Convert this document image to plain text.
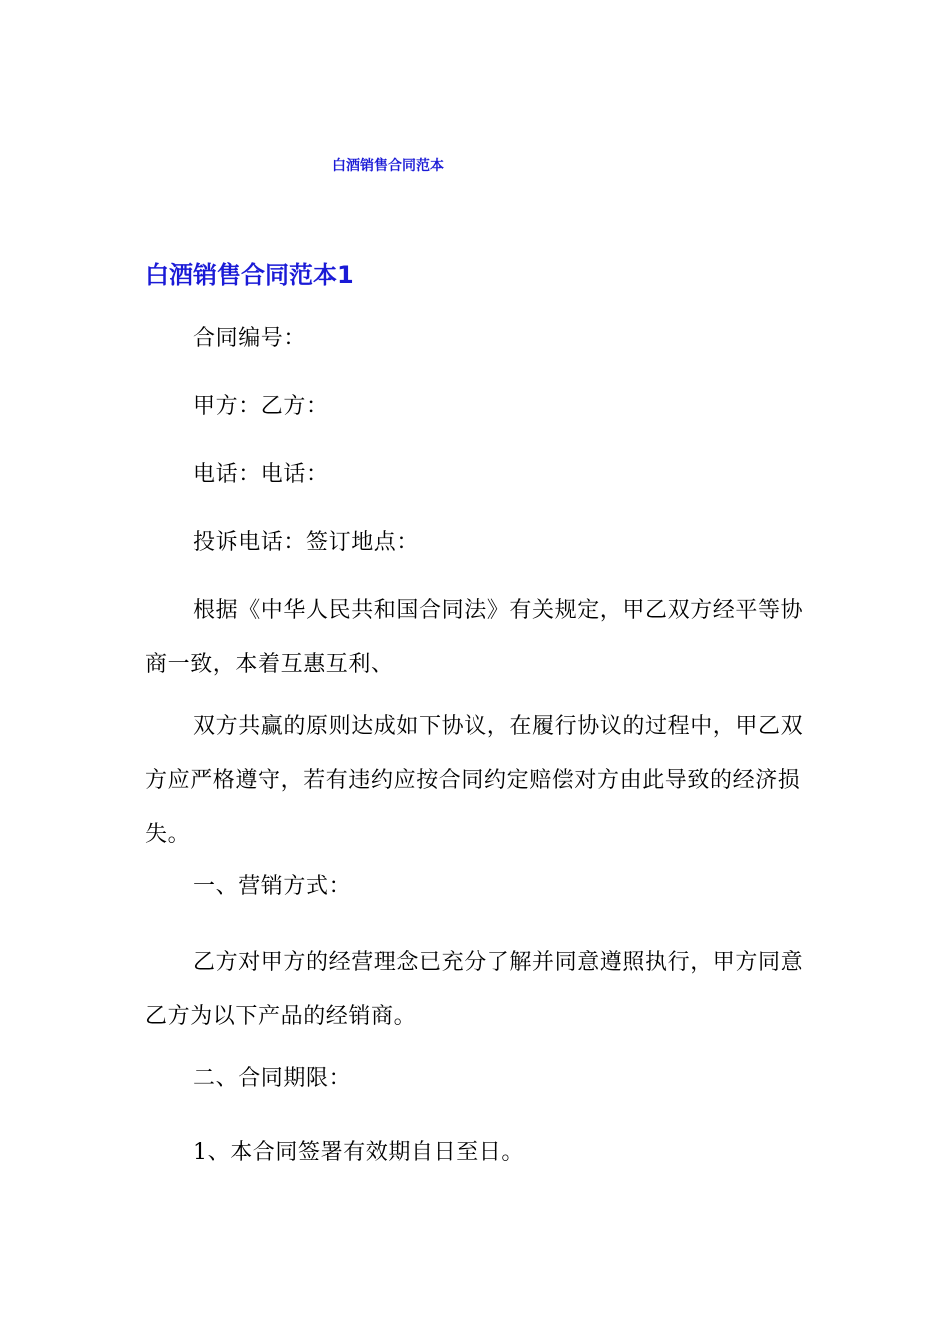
白酒销售合同范本
白酒销售合同范本1
合同编号：
甲方：乙方：
电话：电话：
投诉电话：签订地点：
根据《中华人民共和国合同法》有关规定，甲乙双方经平等协商一致，本着互惠互利、
双方共赢的原则达成如下协议，在履行协议的过程中，甲乙双方应严格遵守，若有违约应按合同约定赔偿对方由此导致的经济损失。
一、营销方式：
乙方对甲方的经营理念已充分了解并同意遵照执行，甲方同意乙方为以下产品的经销商。
二、合同期限：
1、本合同签署有效期自日至日。
